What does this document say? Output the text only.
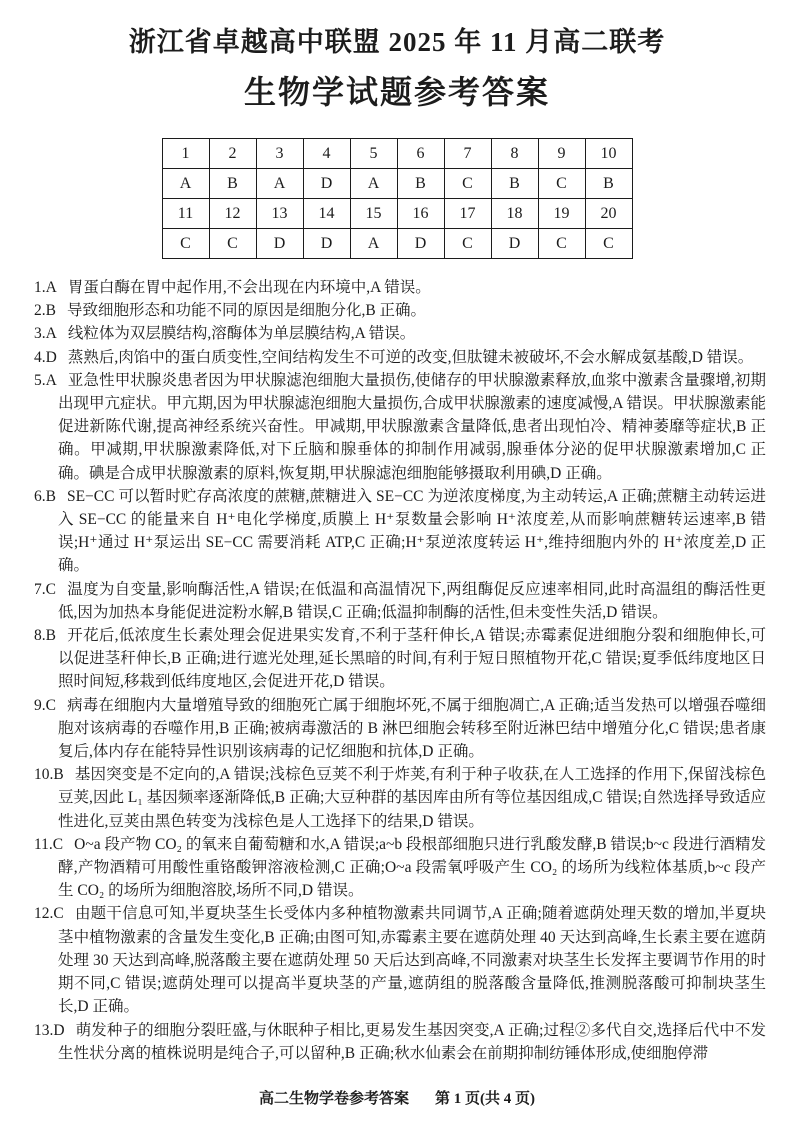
浙江省卓越高中联盟 2025 年 11 月高二联考
生物学试题参考答案
1	2	3	4	5	6	7	8	9	10
A	B	A	D	A	B	C	B	C	B
11	12	13	14	15	16	17	18	19	20
C	C	D	D	A	D	C	D	C	C

1.A 胃蛋白酶在胃中起作用,不会出现在内环境中,A 错误。

2.B 导致细胞形态和功能不同的原因是细胞分化,B 正确。

3.A 线粒体为双层膜结构,溶酶体为单层膜结构,A 错误。

4.D 蒸熟后,肉馅中的蛋白质变性,空间结构发生不可逆的改变,但肽键未被破坏,不会水解成氨基酸,D 错误。

5.A 亚急性甲状腺炎患者因为甲状腺滤泡细胞大量损伤,使储存的甲状腺激素释放,血浆中激素含量骤增,初期出现甲亢症状。甲亢期,因为甲状腺滤泡细胞大量损伤,合成甲状腺激素的速度减慢,A 错误。甲状腺激素能促进新陈代谢,提高神经系统兴奋性。甲减期,甲状腺激素含量降低,患者出现怕冷、精神萎靡等症状,B 正确。甲减期,甲状腺激素降低,对下丘脑和腺垂体的抑制作用减弱,腺垂体分泌的促甲状腺激素增加,C 正确。碘是合成甲状腺激素的原料,恢复期,甲状腺滤泡细胞能够摄取利用碘,D 正确。

6.B SE−CC 可以暂时贮存高浓度的蔗糖,蔗糖进入 SE−CC 为逆浓度梯度,为主动转运,A 正确;蔗糖主动转运进入 SE−CC 的能量来自 H⁺电化学梯度,质膜上 H⁺泵数量会影响 H⁺浓度差,从而影响蔗糖转运速率,B 错误;H⁺通过 H⁺泵运出 SE−CC 需要消耗 ATP,C 正确;H⁺泵逆浓度转运 H⁺,维持细胞内外的 H⁺浓度差,D 正确。

7.C 温度为自变量,影响酶活性,A 错误;在低温和高温情况下,两组酶促反应速率相同,此时高温组的酶活性更低,因为加热本身能促进淀粉水解,B 错误,C 正确;低温抑制酶的活性,但未变性失活,D 错误。

8.B 开花后,低浓度生长素处理会促进果实发育,不利于茎秆伸长,A 错误;赤霉素促进细胞分裂和细胞伸长,可以促进茎秆伸长,B 正确;进行遮光处理,延长黑暗的时间,有利于短日照植物开花,C 错误;夏季低纬度地区日照时间短,移栽到低纬度地区,会促进开花,D 错误。

9.C 病毒在细胞内大量增殖导致的细胞死亡属于细胞坏死,不属于细胞凋亡,A 正确;适当发热可以增强吞噬细胞对该病毒的吞噬作用,B 正确;被病毒激活的 B 淋巴细胞会转移至附近淋巴结中增殖分化,C 错误;患者康复后,体内存在能特异性识别该病毒的记忆细胞和抗体,D 正确。

10.B 基因突变是不定向的,A 错误;浅棕色豆荚不利于炸荚,有利于种子收获,在人工选择的作用下,保留浅棕色豆荚,因此 L₁ 基因频率逐渐降低,B 正确;大豆种群的基因库由所有等位基因组成,C 错误;自然选择导致适应性进化,豆荚由黑色转变为浅棕色是人工选择下的结果,D 错误。

11.C O~a 段产物 CO₂ 的氧来自葡萄糖和水,A 错误;a~b 段根部细胞只进行乳酸发酵,B 错误;b~c 段进行酒精发酵,产物酒精可用酸性重铬酸钾溶液检测,C 正确;O~a 段需氧呼吸产生 CO₂ 的场所为线粒体基质,b~c 段产生 CO₂ 的场所为细胞溶胶,场所不同,D 错误。

12.C 由题干信息可知,半夏块茎生长受体内多种植物激素共同调节,A 正确;随着遮荫处理天数的增加,半夏块茎中植物激素的含量发生变化,B 正确;由图可知,赤霉素主要在遮荫处理 40 天达到高峰,生长素主要在遮荫处理 30 天达到高峰,脱落酸主要在遮荫处理 50 天后达到高峰,不同激素对块茎生长发挥主要调节作用的时期不同,C 错误;遮荫处理可以提高半夏块茎的产量,遮荫组的脱落酸含量降低,推测脱落酸可抑制块茎生长,D 正确。

13.D 萌发种子的细胞分裂旺盛,与休眠种子相比,更易发生基因突变,A 正确;过程②多代自交,选择后代中不发生性状分离的植株说明是纯合子,可以留种,B 正确;秋水仙素会在前期抑制纺锤体形成,使细胞停滞

高二生物学卷参考答案 第 1 页(共 4 页)
